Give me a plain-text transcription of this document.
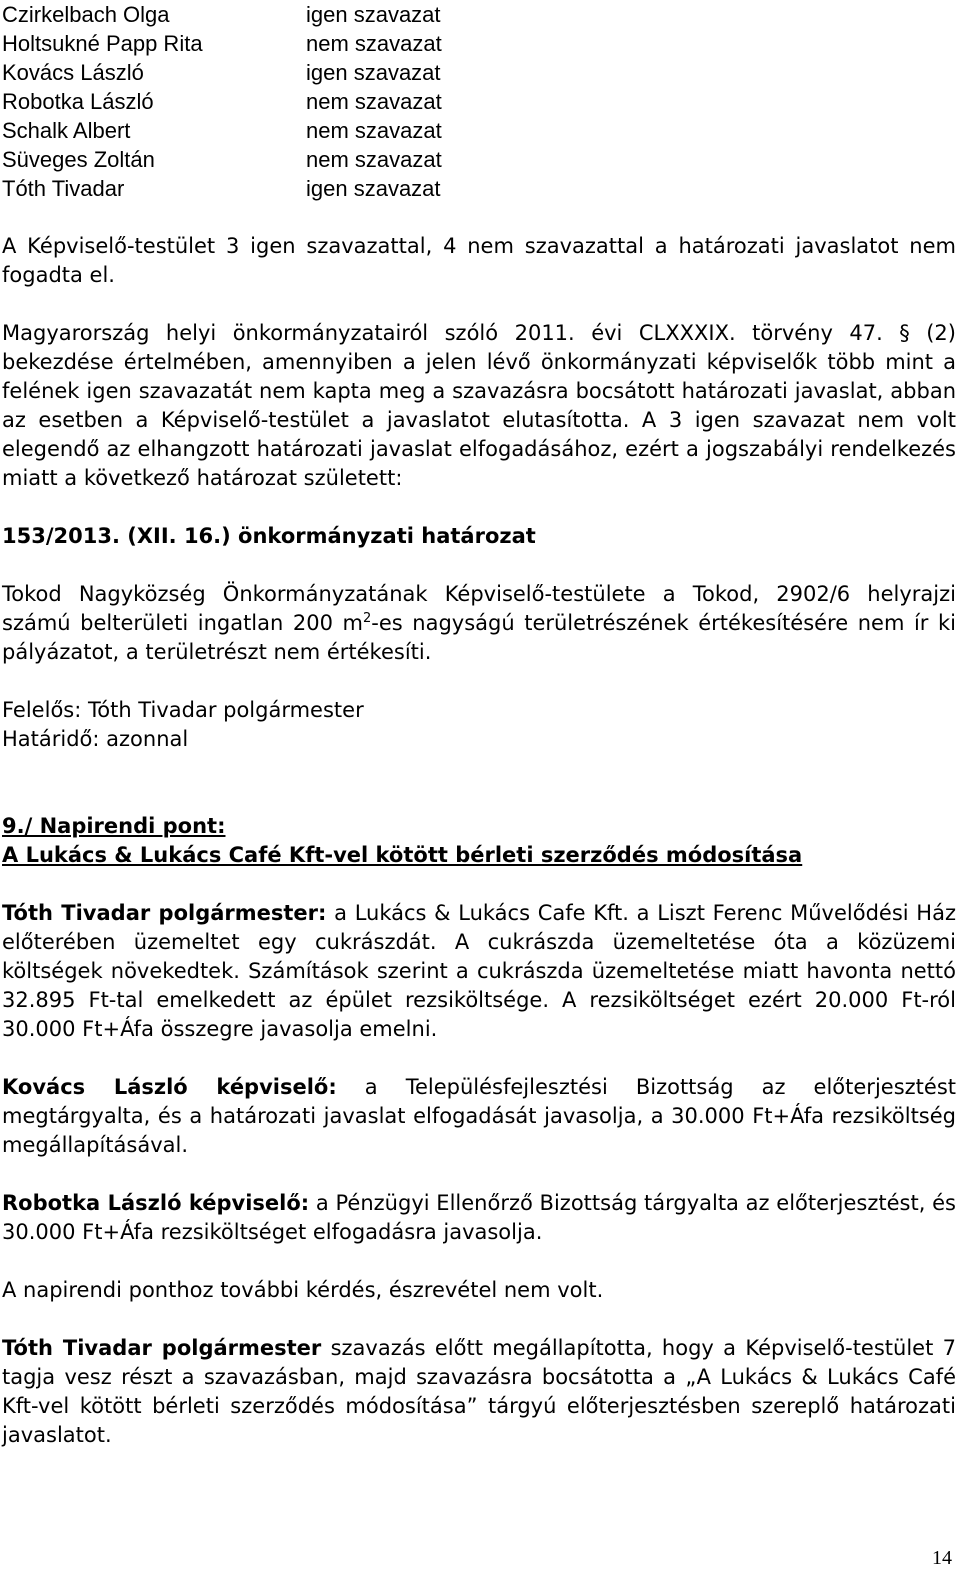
Czirkelbach Olga	igen szavazat
Holtsukné Papp Rita	nem szavazat
Kovács László	igen szavazat
Robotka László	nem szavazat
Schalk Albert	nem szavazat
Süveges Zoltán	nem szavazat
Tóth Tivadar	igen szavazat

A Képviselő-testület 3 igen szavazattal, 4 nem szavazattal a határozati javaslatot nem fogadta el.

Magyarország helyi önkormányzatairól szóló 2011. évi CLXXXIX. törvény 47. § (2) bekezdése értelmében, amennyiben a jelen lévő önkormányzati képviselők több mint a felének igen szavazatát nem kapta meg a szavazásra bocsátott határozati javaslat, abban az esetben a Képviselő-testület a javaslatot elutasította. A 3 igen szavazat nem volt elegendő az elhangzott határozati javaslat elfogadásához, ezért a jogszabályi rendelkezés miatt a következő határozat született:

153/2013. (XII. 16.) önkormányzati határozat

Tokod Nagyközség Önkormányzatának Képviselő-testülete a Tokod, 2902/6 helyrajzi számú belterületi ingatlan 200 $m^2-es$ nagyságú területrészének értékesítésére nem ír ki pályázatot, a területrészt nem értékesíti.

Felelős: Tóth Tivadar polgármester

Határidő: azonnal

9./ Napirendi pont:

A Lukács & Lukács Café Kft-vel kötött bérleti szerződés módosítása

Tóth Tivadar polgármester: a Lukács & Lukács Cafe Kft. a Liszt Ferenc Művelődési Ház előterében üzemeltet egy cukrászdát. A cukrászda üzemeltetése óta a közüzemi költségek növekedtek. Számítások szerint a cukrászda üzemeltetése miatt havonta nettó 32.895 Ft-tal emelkedett az épület rezsiköltsége. A rezsiköltséget ezért 20.000 Ft-ról 30.000 Ft+Áfa összegre javasolja emelni.

Kovács László képviselő: a Településfejlesztési Bizottság az előterjesztést megtárgyalta, és a határozati javaslat elfogadását javasolja, a 30.000 Ft+Áfa rezsiköltség megállapításával.

Robotka László képviselő: a Pénzügyi Ellenőrző Bizottság tárgyalta az előterjesztést, és 30.000 Ft+Áfa rezsiköltséget elfogadásra javasolja.

A napirendi ponthoz további kérdés, észrevétel nem volt.

Tóth Tivadar polgármester szavazás előtt megállapította, hogy a Képviselő-testület 7 tagja vesz részt a szavazásban, majd szavazásra bocsátotta a „A Lukács & Lukács Café Kft-vel kötött bérleti szerződés módosítása” tárgyú előterjesztésben szereplő határozati javaslatot.

14
